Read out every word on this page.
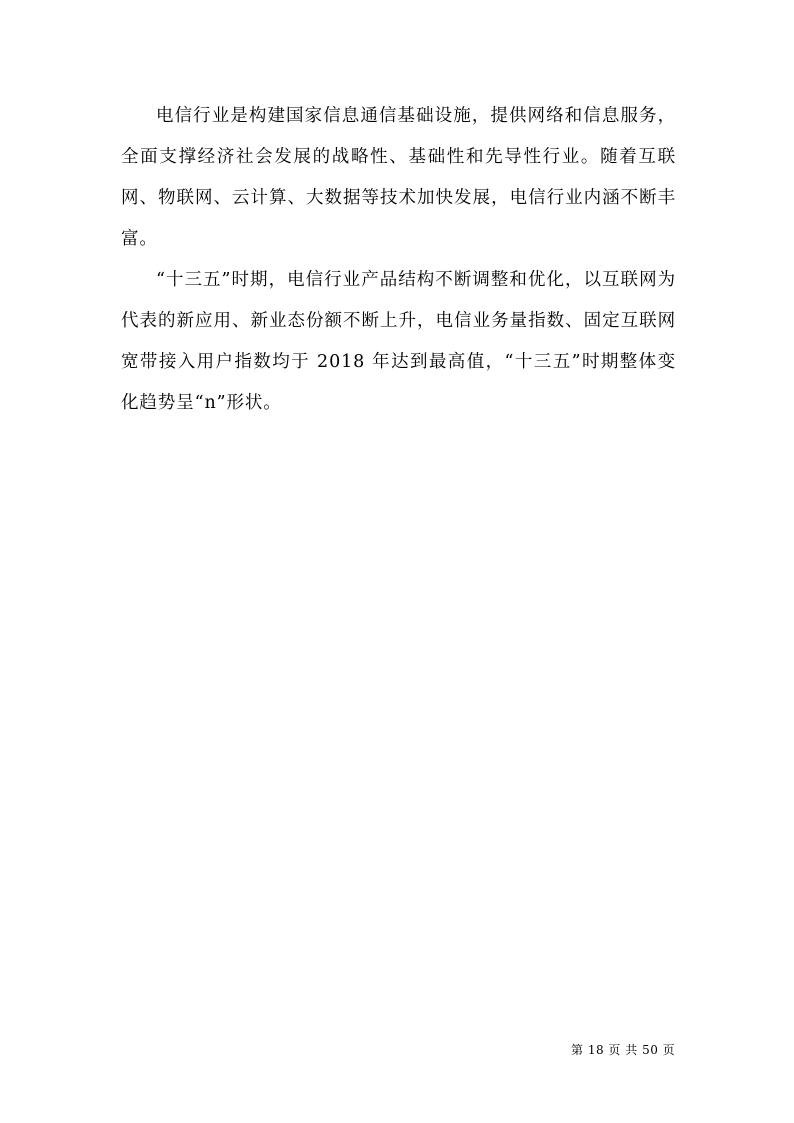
电信行业是构建国家信息通信基础设施，提供网络和信息服务，全面支撑经济社会发展的战略性、基础性和先导性行业。随着互联网、物联网、云计算、大数据等技术加快发展，电信行业内涵不断丰富。

“十三五”时期，电信行业产品结构不断调整和优化，以互联网为代表的新应用、新业态份额不断上升，电信业务量指数、固定互联网宽带接入用户指数均于 2018 年达到最高值，“十三五”时期整体变化趋势呈“n”形状。

第 18 页 共 50 页
